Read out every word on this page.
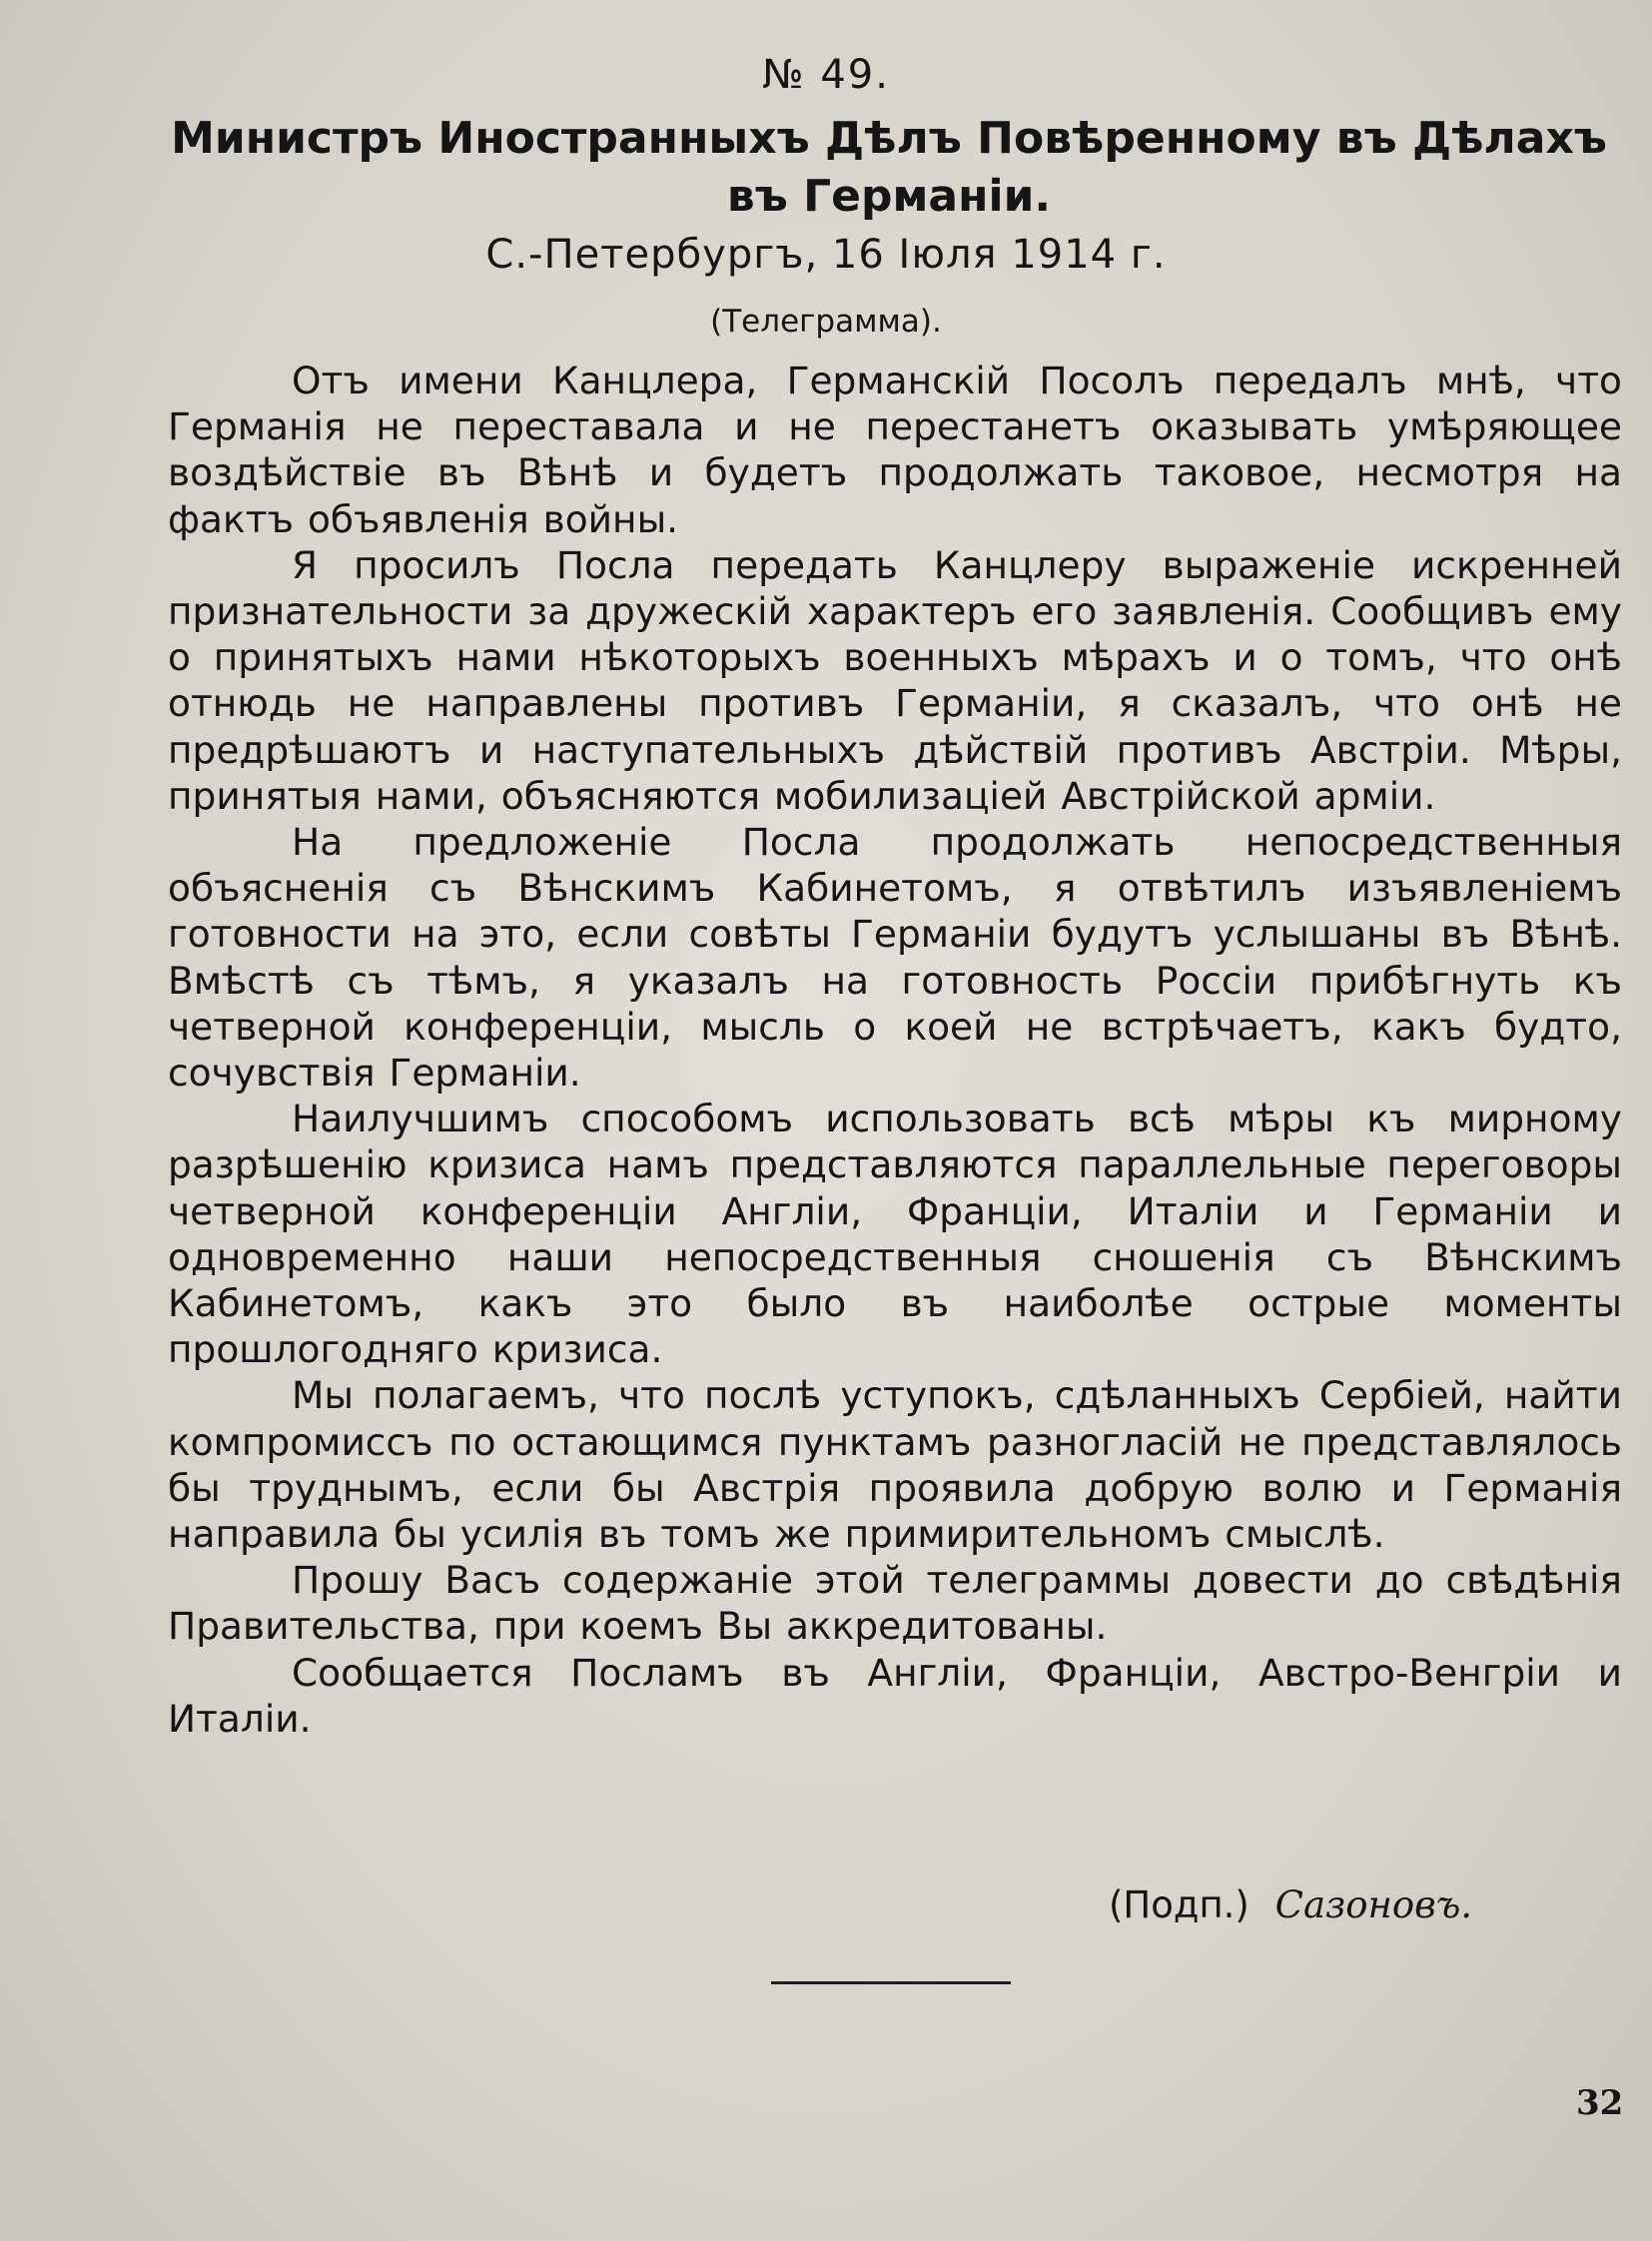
№ 49.
Министръ Иностранныхъ Дѣлъ Повѣренному въ Дѣлахъ въ Германіи.
С.-Петербургъ, 16 Іюля 1914 г.
(Телеграмма).

Отъ имени Канцлера, Германскій Посолъ передалъ мнѣ, что Германія не переставала и не перестанетъ оказывать умѣряющее воздѣйствіе въ Вѣнѣ и будетъ продолжать таковое, несмотря на фактъ объявленія войны.

Я просилъ Посла передать Канцлеру выраженіе искренней признательности за дружескій характеръ его заявленія. Сообщивъ ему о принятыхъ нами нѣкоторыхъ военныхъ мѣрахъ и о томъ, что онѣ отнюдь не направлены противъ Германіи, я сказалъ, что онѣ не предрѣшаютъ и наступательныхъ дѣйствій противъ Австріи. Мѣры, принятыя нами, объясняются мобилизаціей Австрійской арміи.

На предложеніе Посла продолжать непосредственныя объясненія съ Вѣнскимъ Кабинетомъ, я отвѣтилъ изъявленіемъ готовности на это, если совѣты Германіи будутъ услышаны въ Вѣнѣ. Вмѣстѣ съ тѣмъ, я указалъ на готовность Россіи прибѣгнуть къ четверной конференціи, мысль о коей не встрѣчаетъ, какъ будто, сочувствія Германіи.

Наилучшимъ способомъ использовать всѣ мѣры къ мирному разрѣшенію кризиса намъ представляются параллельные переговоры четверной конференціи Англіи, Франціи, Италіи и Германіи и одновременно наши непосредственныя сношенія съ Вѣнскимъ Кабинетомъ, какъ это было въ наиболѣе острые моменты прошлогодняго кризиса.

Мы полагаемъ, что послѣ уступокъ, сдѣланныхъ Сербіей, найти компромиссъ по остающимся пунктамъ разногласій не представлялось бы труднымъ, если бы Австрія проявила добрую волю и Германія направила бы усилія въ томъ же примирительномъ смыслѣ.

Прошу Васъ содержаніе этой телеграммы довести до свѣдѣнія Правительства, при коемъ Вы аккредитованы.

Сообщается Посламъ въ Англіи, Франціи, Австро-Венгріи и Италіи.

(Подп.) Сазоновъ.
32
